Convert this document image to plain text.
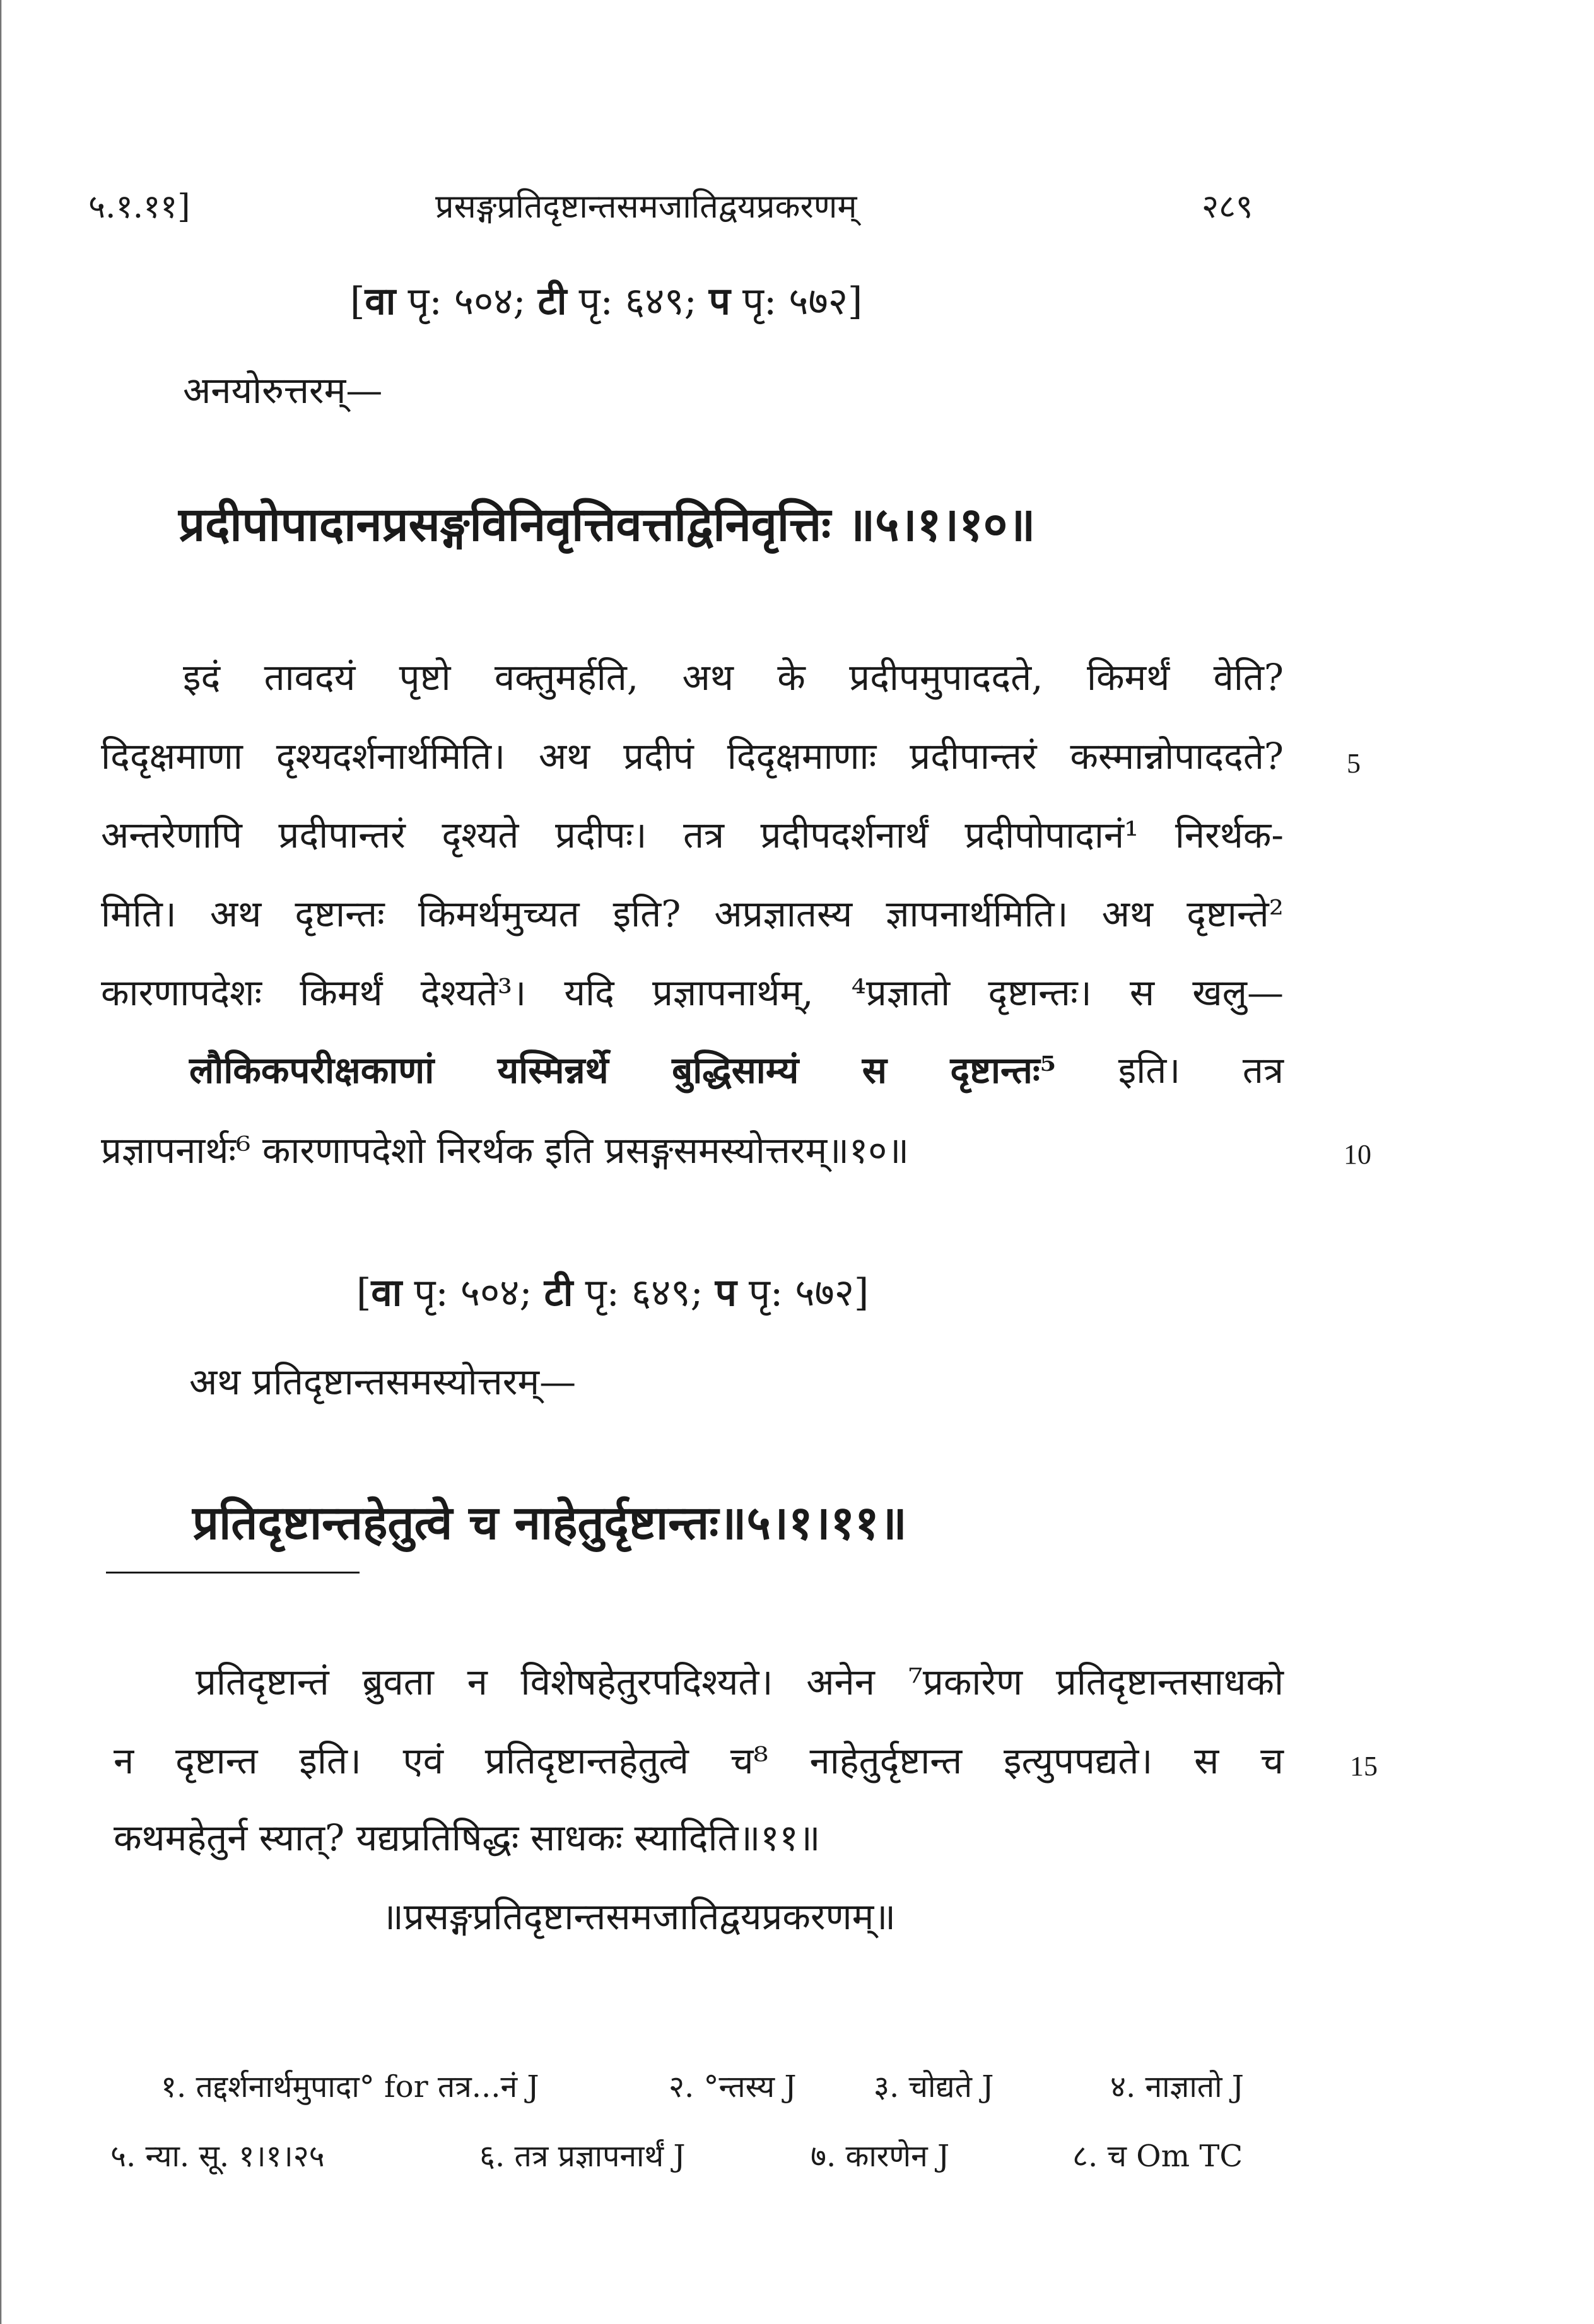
५.१.११]	प्रसङ्गप्रतिदृष्टान्तसमजातिद्वयप्रकरणम्	२८९
[वा पृ: ५०४; टी पृ: ६४९; प पृ: ५७२]
अनयोरुत्तरम्—
प्रदीपोपादानप्रसङ्गविनिवृत्तिवत्तद्विनिवृत्तिः ॥५।१।१०॥
इदं तावदयं पृष्टो वक्तुमर्हति, अथ के प्रदीपमुपाददते, किमर्थं वेति?
दिदृक्षमाणा दृश्यदर्शनार्थमिति। अथ प्रदीपं दिदृक्षमाणाः प्रदीपान्तरं कस्मान्नोपाददते?
अन्तरेणापि प्रदीपान्तरं दृश्यते प्रदीपः। तत्र प्रदीपदर्शनार्थं प्रदीपोपादानं¹ निरर्थक-
मिति। अथ दृष्टान्तः किमर्थमुच्यत इति? अप्रज्ञातस्य ज्ञापनार्थमिति। अथ दृष्टान्ते²
कारणापदेशः किमर्थं देश्यते³। यदि प्रज्ञापनार्थम्, ⁴प्रज्ञातो दृष्टान्तः। स खलु—
लौकिकपरीक्षकाणां यस्मिन्नर्थे बुद्धिसाम्यं स दृष्टान्तः⁵ इति। तत्र
प्रज्ञापनार्थः⁶ कारणापदेशो निरर्थक इति प्रसङ्गसमस्योत्तरम्॥१०॥
5
10
[वा पृ: ५०४; टी पृ: ६४९; प पृ: ५७२]
अथ प्रतिदृष्टान्तसमस्योत्तरम्—
प्रतिदृष्टान्तहेतुत्वे च नाहेतुर्दृष्टान्तः॥५।१।११॥
प्रतिदृष्टान्तं ब्रुवता न विशेषहेतुरपदिश्यते। अनेन ⁷प्रकारेण प्रतिदृष्टान्तसाधको
न दृष्टान्त इति। एवं प्रतिदृष्टान्तहेतुत्वे च⁸ नाहेतुर्दृष्टान्त इत्युपपद्यते। स च
कथमहेतुर्न स्यात्? यद्यप्रतिषिद्धः साधकः स्यादिति॥११॥
15
॥प्रसङ्गप्रतिदृष्टान्तसमजातिद्वयप्रकरणम्॥
१. तद्दर्शनार्थमुपादा° for तत्र...नं J	२. °न्तस्य J	३. चोद्यते J	४. नाज्ञातो J
५. न्या. सू. १।१।२५	६. तत्र प्रज्ञापनार्थं J	७. कारणेन J	८. च Om TC
